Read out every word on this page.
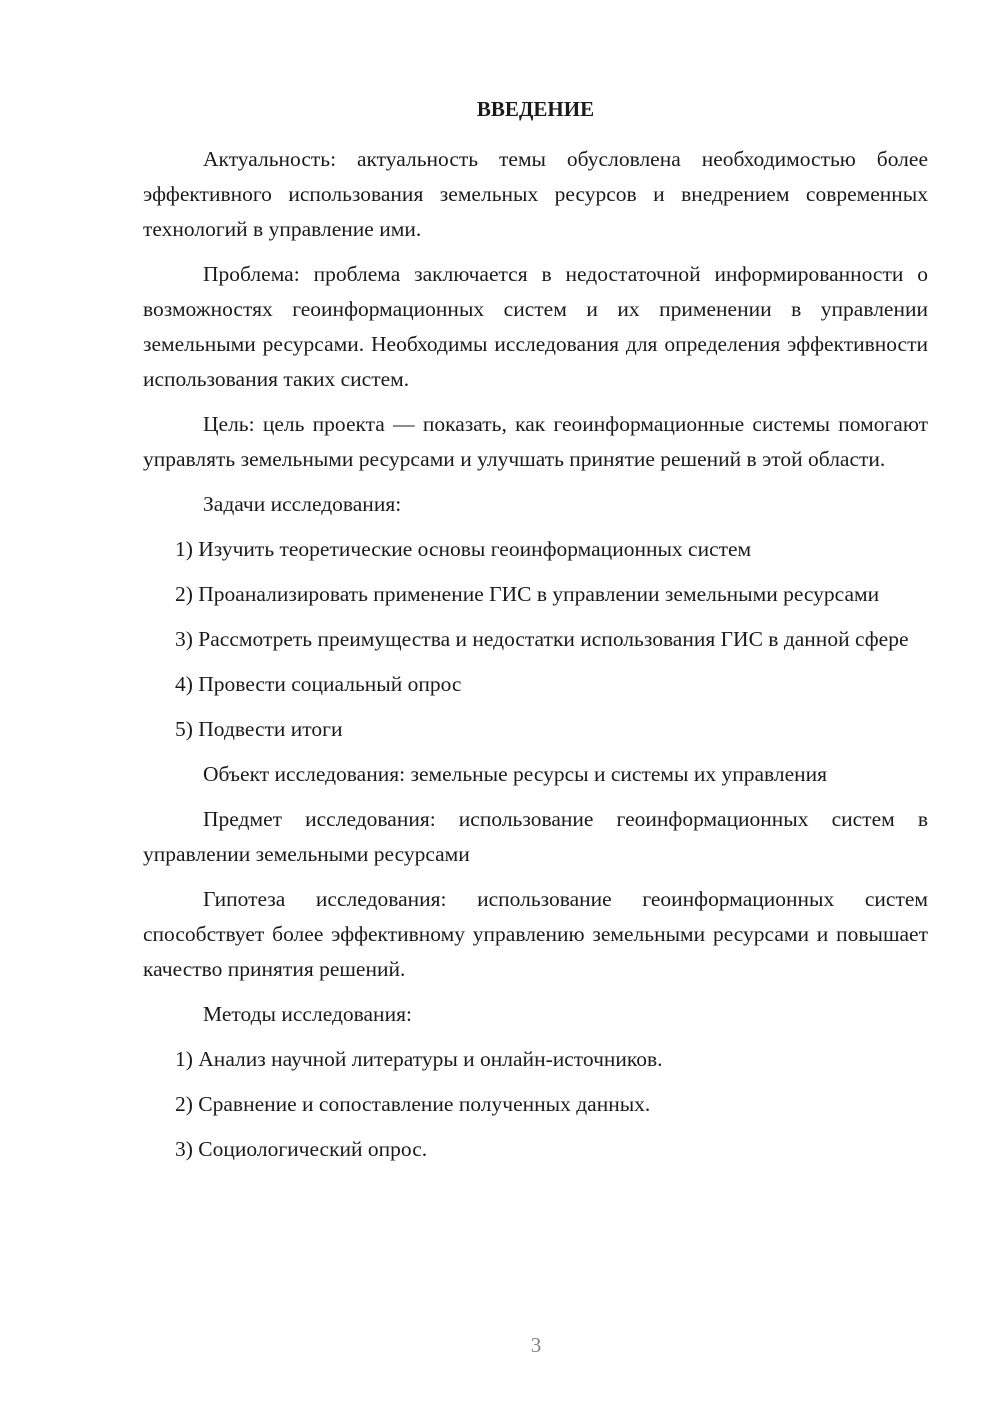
ВВЕДЕНИЕ

Актуальность: актуальность темы обусловлена необходимостью более эффективного использования земельных ресурсов и внедрением современных технологий в управление ими.

Проблема: проблема заключается в недостаточной информированности о возможностях геоинформационных систем и их применении в управлении земельными ресурсами. Необходимы исследования для определения эффективности использования таких систем.

Цель: цель проекта — показать, как геоинформационные системы помогают управлять земельными ресурсами и улучшать принятие решений в этой области.

Задачи исследования:

1) Изучить теоретические основы геоинформационных систем

2) Проанализировать применение ГИС в управлении земельными ресурсами

3) Рассмотреть преимущества и недостатки использования ГИС в данной сфере

4) Провести социальный опрос

5) Подвести итоги

Объект исследования: земельные ресурсы и системы их управления

Предмет исследования: использование геоинформационных систем в управлении земельными ресурсами

Гипотеза исследования: использование геоинформационных систем способствует более эффективному управлению земельными ресурсами и повышает качество принятия решений.

Методы исследования:

1) Анализ научной литературы и онлайн-источников.

2) Сравнение и сопоставление полученных данных.

3) Социологический опрос.

3
